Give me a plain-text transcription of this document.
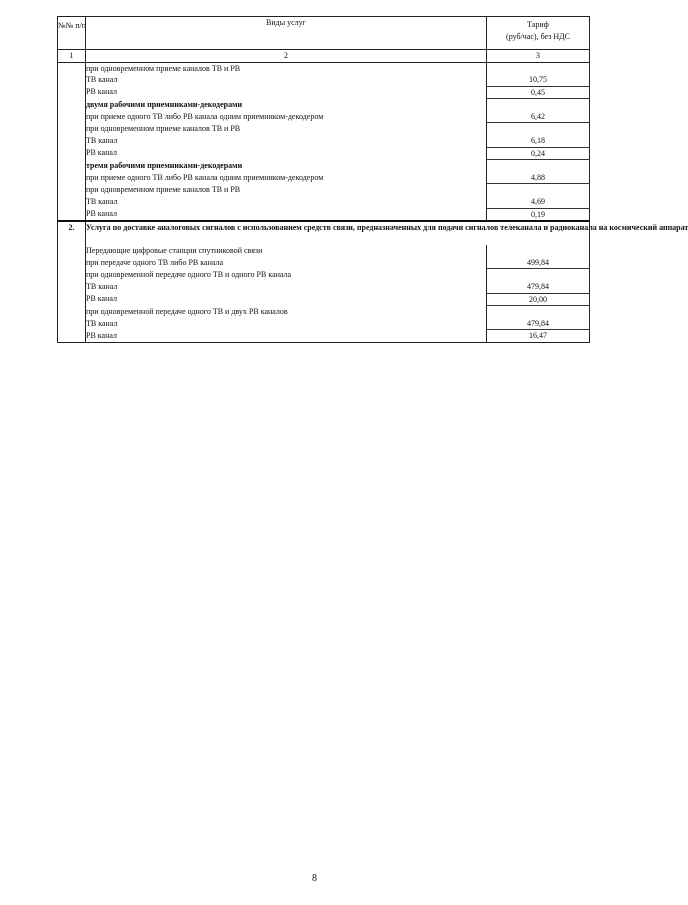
№№ п/п	Виды услуг	Тариф
(руб/час), без НДС

1	2	3
	при одновременном приеме каналов ТВ и РВ	
	ТВ канал	10,75
	РВ канал	0,45
	двумя рабочими приемниками-декодерами	
	при приеме одного ТВ либо РВ канала одним приемником-декодером	6,42
	при одновременном приеме каналов ТВ и РВ	
	ТВ канал	6,18
	РВ канал	0,24
	тремя рабочими приемниками-декодерами	
	при приеме одного ТВ либо РВ канала одним приемником-декодером	4,88
	при одновременном приеме каналов ТВ и РВ	
	ТВ канал	4,69
	РВ канал	0,19
2.	Услуга по доставке аналоговых сигналов с использованием средств связи, предназначенных для подачи сигналов телеканала и радиоканала на космический аппарат	
	Передающие цифровые станции спутниковой связи	
	при передаче одного ТВ либо РВ канала	499,84
	при одновременной передаче одного ТВ и одного РВ канала	
	ТВ канал	479,84
	РВ канал	20,00
	при одновременной передаче одного ТВ и двух РВ каналов	
	ТВ канал	479,84
	РВ канал	16,47
8
